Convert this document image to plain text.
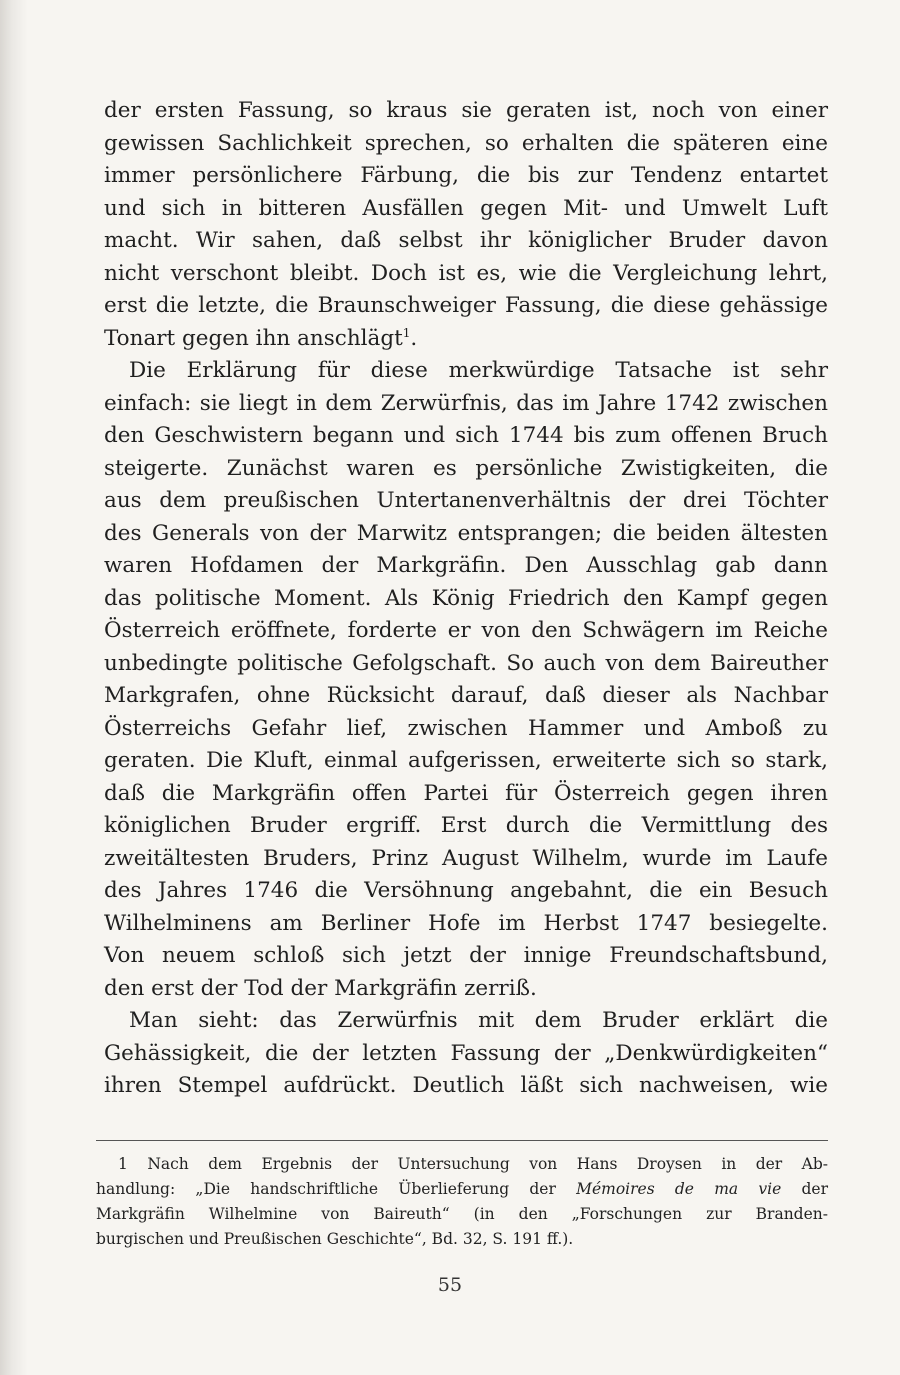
der ersten Fassung, so kraus sie geraten ist, noch von einer
gewissen Sachlichkeit sprechen, so erhalten die späteren eine
immer persönlichere Färbung, die bis zur Tendenz entartet
und sich in bitteren Ausfällen gegen Mit- und Umwelt Luft
macht. Wir sahen, daß selbst ihr königlicher Bruder davon
nicht verschont bleibt. Doch ist es, wie die Vergleichung lehrt,
erst die letzte, die Braunschweiger Fassung, die diese gehässige
Tonart gegen ihn anschlägt$^1$.
Die Erklärung für diese merkwürdige Tatsache ist sehr
einfach: sie liegt in dem Zerwürfnis, das im Jahre 1742 zwischen
den Geschwistern begann und sich 1744 bis zum offenen Bruch
steigerte. Zunächst waren es persönliche Zwistigkeiten, die
aus dem preußischen Untertanenverhältnis der drei Töchter
des Generals von der Marwitz entsprangen; die beiden ältesten
waren Hofdamen der Markgräfin. Den Ausschlag gab dann
das politische Moment. Als König Friedrich den Kampf gegen
Österreich eröffnete, forderte er von den Schwägern im Reiche
unbedingte politische Gefolgschaft. So auch von dem Baireuther
Markgrafen, ohne Rücksicht darauf, daß dieser als Nachbar
Österreichs Gefahr lief, zwischen Hammer und Amboß zu
geraten. Die Kluft, einmal aufgerissen, erweiterte sich so stark,
daß die Markgräfin offen Partei für Österreich gegen ihren
königlichen Bruder ergriff. Erst durch die Vermittlung des
zweitältesten Bruders, Prinz August Wilhelm, wurde im Laufe
des Jahres 1746 die Versöhnung angebahnt, die ein Besuch
Wilhelminens am Berliner Hofe im Herbst 1747 besiegelte.
Von neuem schloß sich jetzt der innige Freundschaftsbund,
den erst der Tod der Markgräfin zerriß.
Man sieht: das Zerwürfnis mit dem Bruder erklärt die
Gehässigkeit, die der letzten Fassung der „Denkwürdigkeiten“
ihren Stempel aufdrückt. Deutlich läßt sich nachweisen, wie
1 Nach dem Ergebnis der Untersuchung von Hans Droysen in der Ab-
handlung: „Die handschriftliche Überlieferung der Mémoires de ma vie der
Markgräfin Wilhelmine von Baireuth“ (in den „Forschungen zur Branden-
burgischen und Preußischen Geschichte“, Bd. 32, S. 191 ff.).
55
